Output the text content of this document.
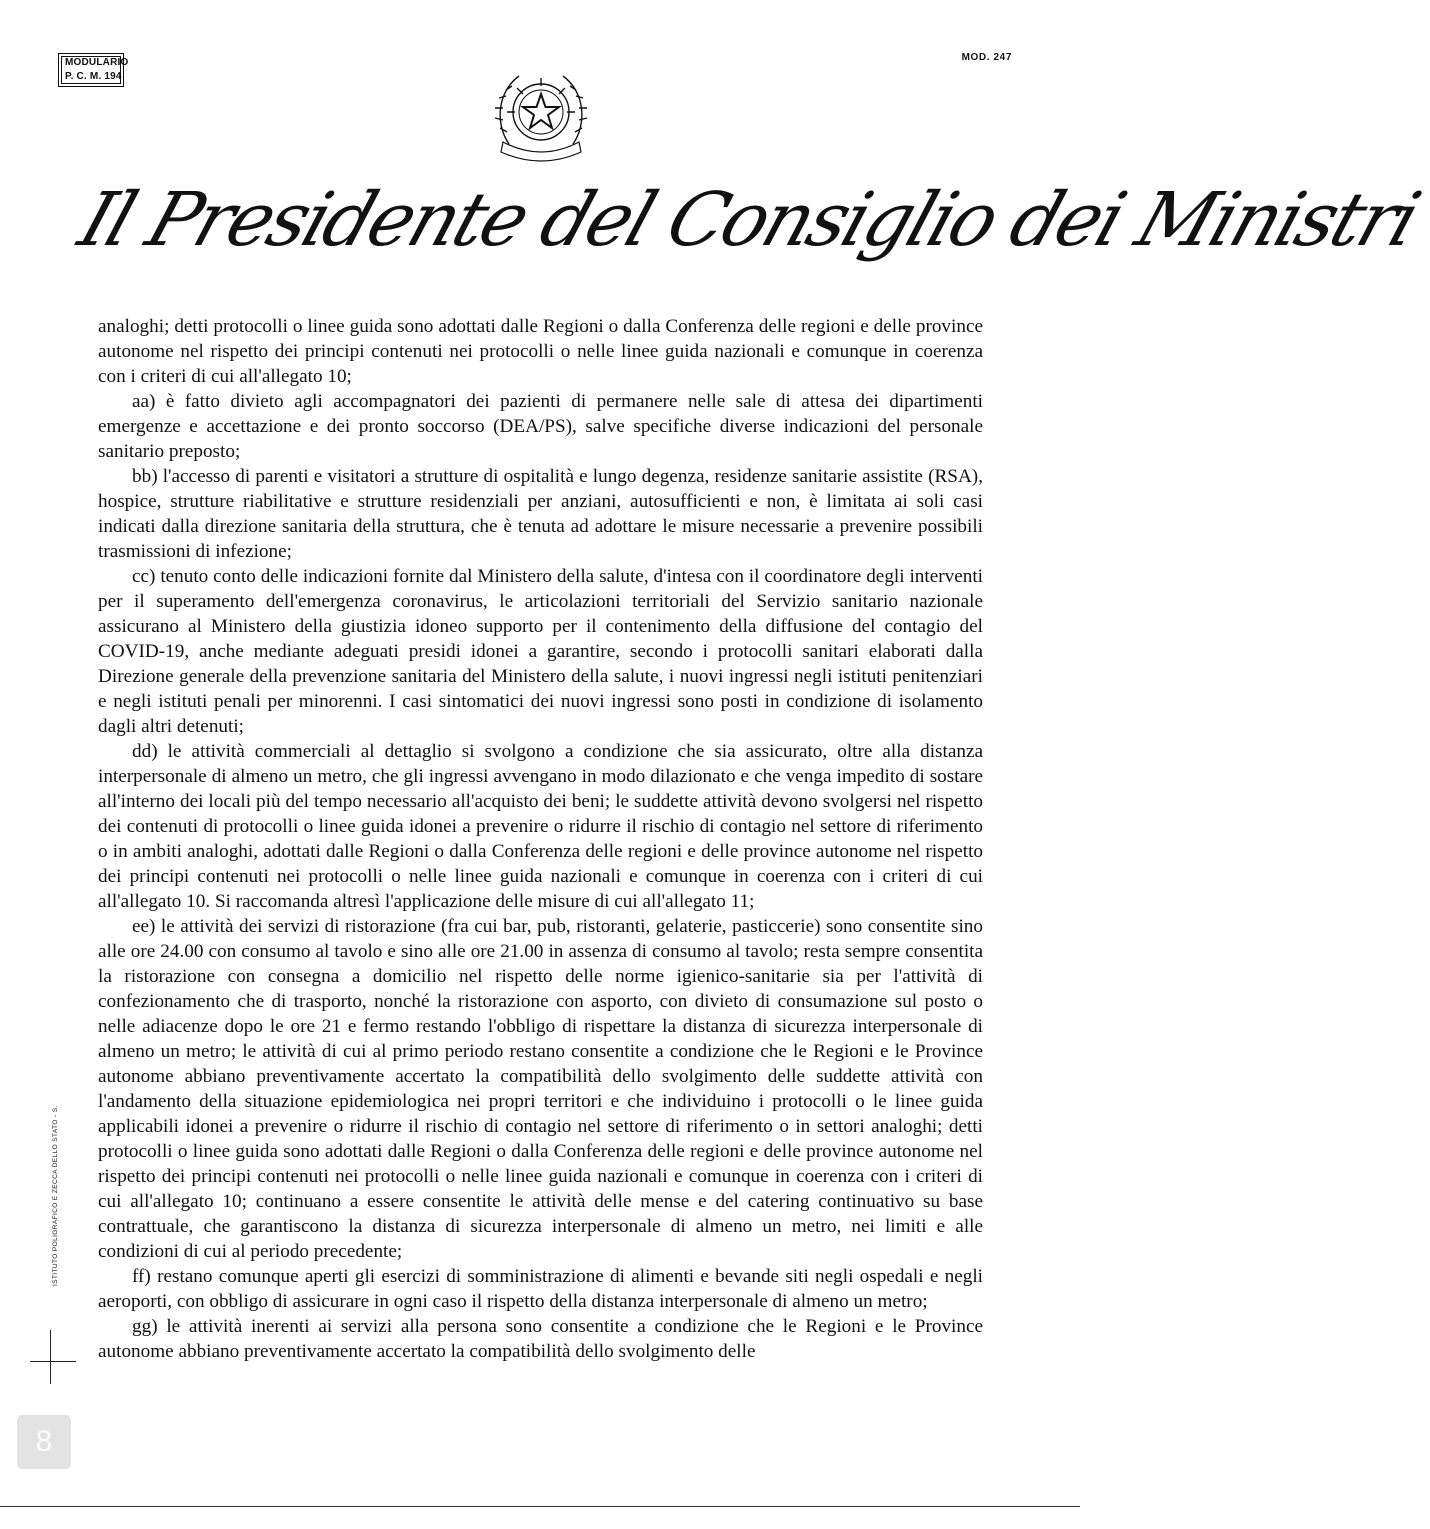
MODULARIO
P. C. M. 194
MOD. 247
Il Presidente del Consiglio dei Ministri

analoghi; detti protocolli o linee guida sono adottati dalle Regioni o dalla Conferenza delle regioni e delle province autonome nel rispetto dei principi contenuti nei protocolli o nelle linee guida nazionali e comunque in coerenza con i criteri di cui all'allegato 10;

aa) è fatto divieto agli accompagnatori dei pazienti di permanere nelle sale di attesa dei dipartimenti emergenze e accettazione e dei pronto soccorso (DEA/PS), salve specifiche diverse indicazioni del personale sanitario preposto;

bb) l'accesso di parenti e visitatori a strutture di ospitalità e lungo degenza, residenze sanitarie assistite (RSA), hospice, strutture riabilitative e strutture residenziali per anziani, autosufficienti e non, è limitata ai soli casi indicati dalla direzione sanitaria della struttura, che è tenuta ad adottare le misure necessarie a prevenire possibili trasmissioni di infezione;

cc) tenuto conto delle indicazioni fornite dal Ministero della salute, d'intesa con il coordinatore degli interventi per il superamento dell'emergenza coronavirus, le articolazioni territoriali del Servizio sanitario nazionale assicurano al Ministero della giustizia idoneo supporto per il contenimento della diffusione del contagio del COVID-19, anche mediante adeguati presidi idonei a garantire, secondo i protocolli sanitari elaborati dalla Direzione generale della prevenzione sanitaria del Ministero della salute, i nuovi ingressi negli istituti penitenziari e negli istituti penali per minorenni. I casi sintomatici dei nuovi ingressi sono posti in condizione di isolamento dagli altri detenuti;

dd) le attività commerciali al dettaglio si svolgono a condizione che sia assicurato, oltre alla distanza interpersonale di almeno un metro, che gli ingressi avvengano in modo dilazionato e che venga impedito di sostare all'interno dei locali più del tempo necessario all'acquisto dei beni; le suddette attività devono svolgersi nel rispetto dei contenuti di protocolli o linee guida idonei a prevenire o ridurre il rischio di contagio nel settore di riferimento o in ambiti analoghi, adottati dalle Regioni o dalla Conferenza delle regioni e delle province autonome nel rispetto dei principi contenuti nei protocolli o nelle linee guida nazionali e comunque in coerenza con i criteri di cui all'allegato 10. Si raccomanda altresì l'applicazione delle misure di cui all'allegato 11;

ee) le attività dei servizi di ristorazione (fra cui bar, pub, ristoranti, gelaterie, pasticcerie) sono consentite sino alle ore 24.00 con consumo al tavolo e sino alle ore 21.00 in assenza di consumo al tavolo; resta sempre consentita la ristorazione con consegna a domicilio nel rispetto delle norme igienico-sanitarie sia per l'attività di confezionamento che di trasporto, nonché la ristorazione con asporto, con divieto di consumazione sul posto o nelle adiacenze dopo le ore 21 e fermo restando l'obbligo di rispettare la distanza di sicurezza interpersonale di almeno un metro; le attività di cui al primo periodo restano consentite a condizione che le Regioni e le Province autonome abbiano preventivamente accertato la compatibilità dello svolgimento delle suddette attività con l'andamento della situazione epidemiologica nei propri territori e che individuino i protocolli o le linee guida applicabili idonei a prevenire o ridurre il rischio di contagio nel settore di riferimento o in settori analoghi; detti protocolli o linee guida sono adottati dalle Regioni o dalla Conferenza delle regioni e delle province autonome nel rispetto dei principi contenuti nei protocolli o nelle linee guida nazionali e comunque in coerenza con i criteri di cui all'allegato 10; continuano a essere consentite le attività delle mense e del catering continuativo su base contrattuale, che garantiscono la distanza di sicurezza interpersonale di almeno un metro, nei limiti e alle condizioni di cui al periodo precedente;

ff) restano comunque aperti gli esercizi di somministrazione di alimenti e bevande siti negli ospedali e negli aeroporti, con obbligo di assicurare in ogni caso il rispetto della distanza interpersonale di almeno un metro;

gg) le attività inerenti ai servizi alla persona sono consentite a condizione che le Regioni e le Province autonome abbiano preventivamente accertato la compatibilità dello svolgimento delle

ISTITUTO POLIGRAFICO E ZECCA DELLO STATO - S.
8
